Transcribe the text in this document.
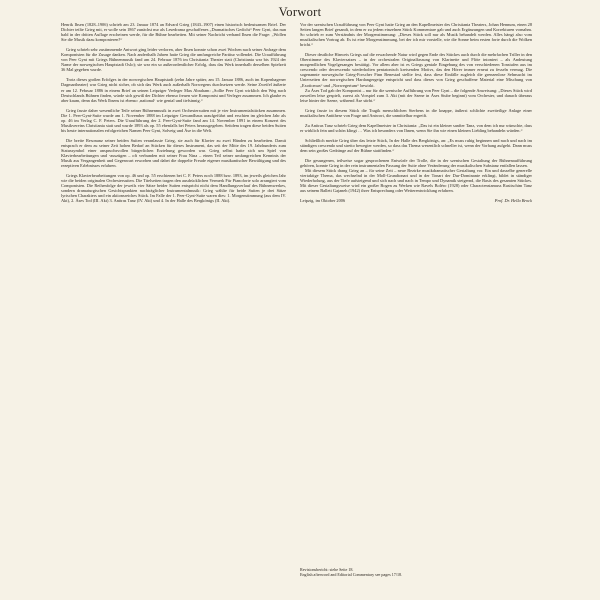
Vorwort

Henrik Ibsen (1828–1906) schrieb am 23. Januar 1874 an Edvard Grieg (1843–1907) einen historisch bedeutsamen Brief. Der Dichter teilte Grieg mit, er wolle sein 1867 zunächst nur als Lesedrama geschaffenes „Dramatisches Gedicht“ Peer Gynt, das nun bald in der dritten Auflage erscheinen werde, für die Bühne bearbeiten. Mit seiner Nachricht verband Ibsen die Frage: „Wollen Sie die Musik dazu komponieren?“

Grieg schrieb sehr zustimmende Antwort ging leider verloren, aber Ibsen konnte schon zwei Wochen nach seiner Anfrage dem Komponisten für die Zusage danken. Nach anderthalb Jahren hatte Grieg die umfangreiche Partitur vollendet. Die Uraufführung von Peer Gynt mit Griegs Bühnenmusik fand am 24. Februar 1876 im Christiania Theater statt (Christiania war bis 1924 der Name der norwegischen Hauptstadt Oslo); sie war ein so außerordentlicher Erfolg, dass das Werk innerhalb derselben Spielzeit 36 Mal gegeben wurde.

Trotz dieses großen Erfolges in der norwegischen Hauptstadt (zehn Jahre später, am 15. Januar 1886, auch im Kopenhagener Dagmartheater) war Grieg nicht sicher, ob sich das Werk auch außerhalb Norwegens durchsetzen werde. Seine Zweifel äußerte er am 12. Februar 1886 in einem Brief an seinen Leipziger Verleger Max Abraham: „Sollte Peer Gynt wirklich den Weg nach Deutschlands Bühnen finden, würde sich gewiß der Dichter ebenso freuen wie Komponist und Verleger zusammen. Ich glaube es aber kaum, denn das Werk Ibsens ist ebenso ‚national‘ wie genial und tiefsinnig.“

Grieg fasste daher wesentliche Teile seiner Bühnenmusik in zwei Orchestersuiten mit je vier Instrumentalstücken zusammen. Die 1. Peer-Gynt-Suite wurde am 1. November 1888 im Leipziger Gewandhaus uraufgeführt und erschien im gleichen Jahr als op. 46 im Verlag C. F. Peters. Die Uraufführung der 2. Peer-Gynt-Suite fand am 14. November 1891 in einem Konzert des Musikvereins Christiania statt und wurde 1893 als op. 55 ebenfalls bei Peters herausgegeben. Seitdem tragen diese beiden Suiten bis heute internationalen erfolgreichen Namen Peer Gynt, Solveig und Åse in die Welt.

Die breite Resonanz seiner beiden Suiten veranlasste Grieg, sie auch für Klavier zu zwei Händen zu bearbeiten. Damit entsprach er dem zu seiner Zeit hohen Bedarf an Stücken für dieses Instrument, das seit der Mitte des 19. Jahrhunderts zum Statussymbol einer anspruchsvollen bürgerlichen Erziehung geworden war. Grieg selbst hatte sich um Spiel von Klavierbearbeitungen und -auszügen – oft verbunden mit seiner Frau Nina – einen Teil seiner umfangreichen Kenntnis der Musik aus Vergangenheit und Gegenwart erworben und dabei die doppelte Freude eigener musikantischer Bewältigung und des rezeptiven Erlebnisses erfahren.

Griegs Klavierbearbeitungen von op. 46 und op. 55 erschienen bei C. F. Peters noch 1888 bzw. 1893, im jeweils gleichen Jahr wie die beiden originalen Orchestersuiten. Die Titelseiten tragen den ausdrücklichen Vermerk Für Pianoforte solo arrangiert vom Componisten. Die Reihenfolge der jeweils vier Sätze beider Suiten entspricht nicht dem Handlungsverlauf des Bühnenwerkes, sondern dramaturgischen Gesichtspunkten nachträglicher Instrumentalmusik: Grieg wählte für beide Suiten je drei Sätze lyrischen Charakters und ein aktionsreiches Stück. Im Falle der 1. Peer-Gynt-Suite waren dies: 1. Morgenstimmung (aus dem IV. Akt), 2. Åses Tod (III. Akt) 3. Anitras Tanz (IV. Akt) und 4. In der Halle des Bergkönigs (II. Akt).

Vor der szenischen Uraufführung von Peer Gynt hatte Grieg an den Kapellmeister des Christiania Theaters, Johan Hennum, einen 28 Seiten langen Brief gesandt, in dem er zu jedem einzelnen Stück Kommentare gab und auch Ergänzungen und Korrekturen vornahm. So schrieb er zum Verständnis der Morgenstimmung: „Dieses Stück soll nur als Musik behandelt werden. Alles hängt also vom musikalischen Vortrag ab. Es ist eine Morgenstimmung, bei der ich mir vorstelle, wie die Sonne beim ersten forte durch die Wolken bricht.“

Dieser deutliche Hinweis Griegs auf die erwachende Natur wird gegen Ende des Stückes auch durch die mehrfachen Triller in den Oberstimme des Klaviersatzes – in der orchestralen Originalfassung von Klarinette und Flöte intoniert – als Andeutung morgendlichen Vogelgesanges bestätigt. Vor allem aber ist es Griegs geniale Eingebung des von verschiedenen Tonstufen aus im crescendo oder decrescendo wiederholten pentatonisch kreisenden Motivs, das den Hörer immer erneut zu fesseln vermag. Die sogenannte norwegische Grieg-Forscher Finn Benestad stellte fest, dass diese Einfälle zugleich die grenzenlose Sehnsucht im Unterseiten der norwegischen Hardangergeige entspricht und dass dieses von Grieg geschaffene Material eine Mischung von „Exoticmus“ und „Norwegertum“ bewirkt.

Zu Åses Tod gab der Komponist – nur für die szenische Aufführung von Peer Gynt – die folgende Anweisung: „Dieses Stück wird zuweilen leise gespielt, zuerst als Vorspiel zum 3. Akt (mit der Szene in Åses Stube beginnt) vom Orchester, und danach überaus leise hinter der Szene, während Åse stirbt.“

Grieg fasste in diesem Stück die Tragik menschlichen Sterbens in die knappe, äußerst schlichte zweiteilige Anlage einer musikalischen Antithese von Frage und Antwort, die unmittelbar ergreift.

Zu Anitras Tanz schrieb Grieg dem Kapellmeister in Christiania: „Das ist ein kleiner sanfter Tanz, von dem ich nur wünschte, dass er wirklich fein und schön klingt … Was ich besonders von Ihnen, wenn Sie ihn wie einen kleinen Liebling behandeln würden.“

Schließlich merkte Grieg über das letzte Stück, In der Halle des Bergkönigs, an: „Es muss ruhig beginnen und nach und nach im ständigen crescendo und stretto bewegter werden, so dass das Thema wesentlich schneller ist, wenn der Vorhang aufgeht. Dann muss dem sein großes Gedränge auf der Bühne stattfinden.“

Die gesungenen, teilweise sogar gesprochenen Entwürfe der Trolle, die in der szenischen Gestaltung der Bühnenaufführung gehören, konnte Grieg in der rein instrumentalen Fassung der Suite ohne Veränderung der musikalischen Substanz entfallen lassen.

Mit diesem Stück drang Grieg an – für seine Zeit – neue Bezirke musikdramatischer Gestaltung vor. Ein und dasselbe generelle viertaktige Thema, das wechselnd in der Moll-Grundtonart und in der Tonart der Dur-Dominante erklingt, bildet in ständiger Wiederholung, aus der Tiefe aufsteigend und sich nach und nach in Tempo und Dynamik steigernd, die Basis des gesamten Stückes. Mit dieser Gestaltungsweise wird ein großer Bogen zu Werken wie Ravels Boléro (1928) oder Charactenstamuss Rasitschim Tanz aus seinem Ballett Gajaneh (1942) ihrer Entsprechung oder Weiterentwicklung erfahren.

Leipzig, im Oktober 2006	Prof. Dr. Hella Brock

Revisionsbericht: siehe Seite 18.

English afterword and Editorial Commentary see pages 17/18.
